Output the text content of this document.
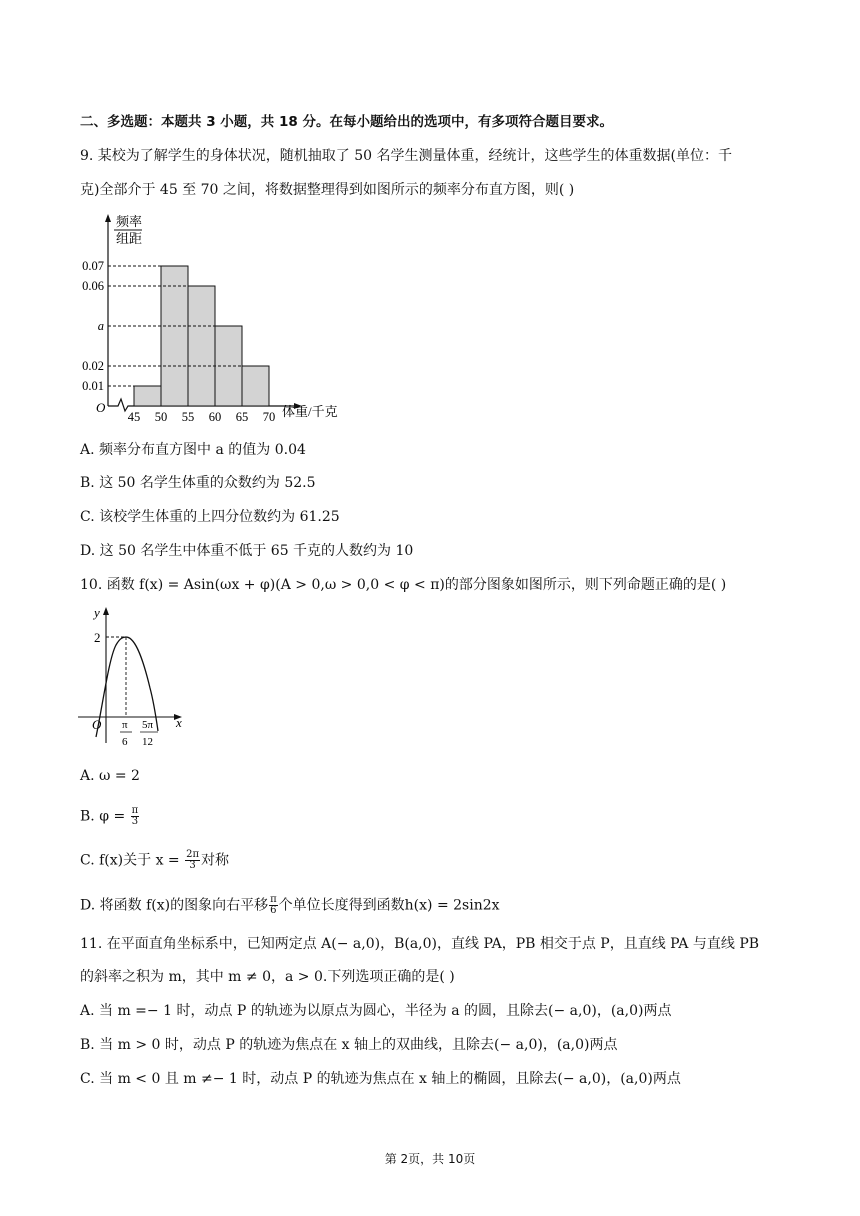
二、多选题：本题共 3 小题，共 18 分。在每小题给出的选项中，有多项符合题目要求。
9. 某校为了解学生的身体状况，随机抽取了 50 名学生测量体重，经统计，这些学生的体重数据(单位：千
克)全部介于 45 至 70 之间，将数据整理得到如图所示的频率分布直方图，则( )
频率
组距
O
0.07
0.06
a
0.02
0.01
45 50 55 60 65 70 体重/千克
A. 频率分布直方图中 a 的值为 0.04
B. 这 50 名学生体重的众数约为 52.5
C. 该校学生体重的上四分位数约为 61.25
D. 这 50 名学生中体重不低于 65 千克的人数约为 10
10. 函数 f(x) = Asin(ωx + φ)(A > 0,ω > 0,0 < φ < π)的部分图象如图所示，则下列命题正确的是( )
y
x
O
2
π
6
5π
12
A. ω = 2
B. $\varphi = \frac{\pi}{3}$
C. f(x)关于 $x = \frac{2\pi}{3}$ 对称
D. 将函数 f(x)的图象向右平移 $\frac{\pi}{6}$ 个单位长度得到函数h(x) = 2sin2x
11. 在平面直角坐标系中，已知两定点 A(− a,0)，B(a,0)，直线 PA，PB 相交于点 P，且直线 PA 与直线 PB
的斜率之积为 m，其中 m ≠ 0，a > 0.下列选项正确的是( )
A. 当 m =− 1 时，动点 P 的轨迹为以原点为圆心，半径为 a 的圆，且除去(− a,0)，(a,0)两点
B. 当 m > 0 时，动点 P 的轨迹为焦点在 x 轴上的双曲线，且除去(− a,0)，(a,0)两点
C. 当 m < 0 且 m ≠− 1 时，动点 P 的轨迹为焦点在 x 轴上的椭圆，且除去(− a,0)，(a,0)两点
第 2页，共 10页
